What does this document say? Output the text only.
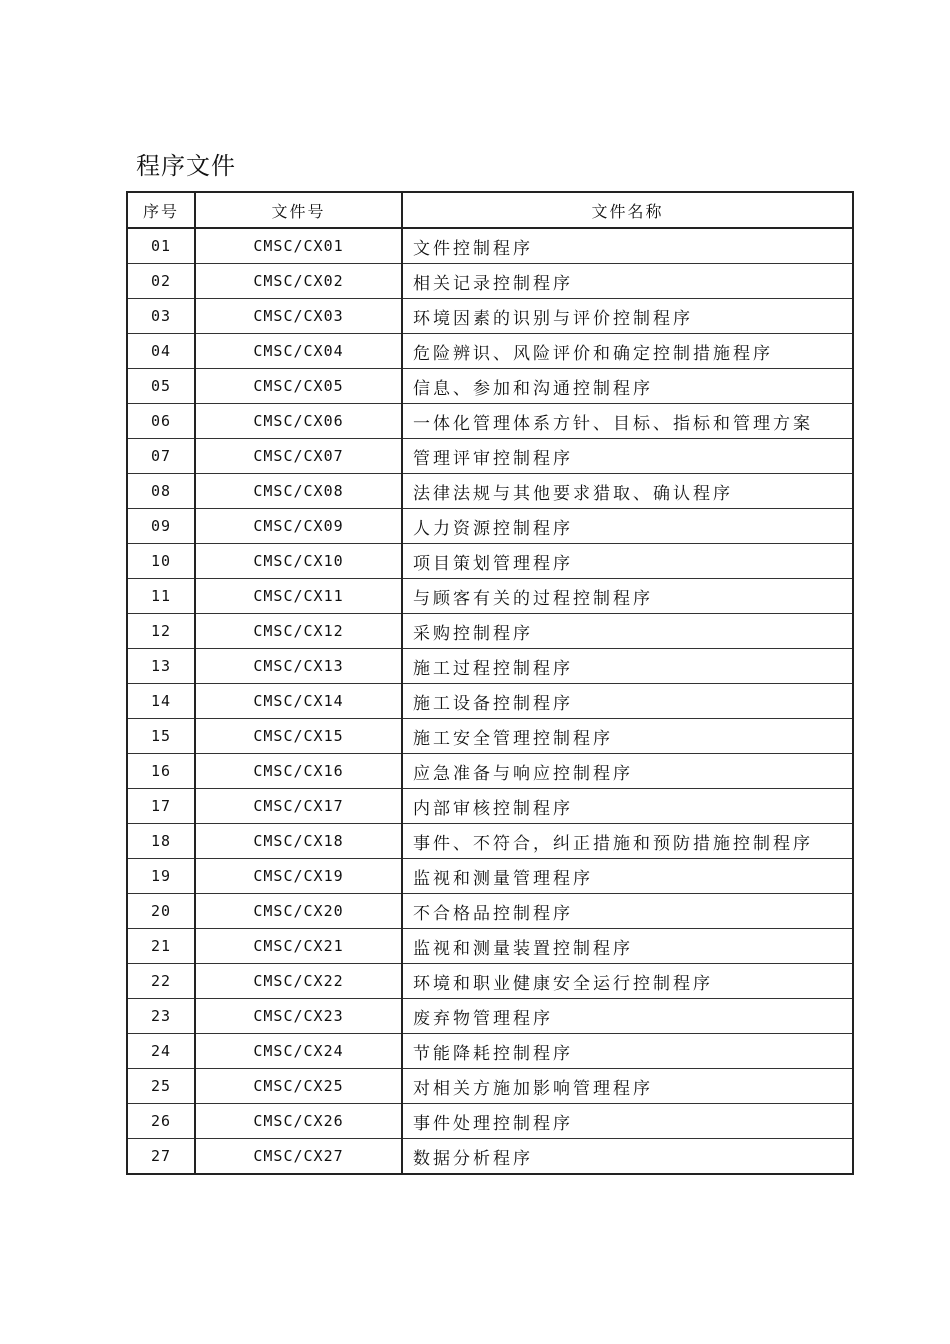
程序文件
序号	文件号	文件名称
01	CMSC/CX01	文件控制程序
02	CMSC/CX02	相关记录控制程序
03	CMSC/CX03	环境因素的识别与评价控制程序
04	CMSC/CX04	危险辨识、风险评价和确定控制措施程序
05	CMSC/CX05	信息、参加和沟通控制程序
06	CMSC/CX06	一体化管理体系方针、目标、指标和管理方案
07	CMSC/CX07	管理评审控制程序
08	CMSC/CX08	法律法规与其他要求猎取、确认程序
09	CMSC/CX09	人力资源控制程序
10	CMSC/CX10	项目策划管理程序
11	CMSC/CX11	与顾客有关的过程控制程序
12	CMSC/CX12	采购控制程序
13	CMSC/CX13	施工过程控制程序
14	CMSC/CX14	施工设备控制程序
15	CMSC/CX15	施工安全管理控制程序
16	CMSC/CX16	应急准备与响应控制程序
17	CMSC/CX17	内部审核控制程序
18	CMSC/CX18	事件、不符合，纠正措施和预防措施控制程序
19	CMSC/CX19	监视和测量管理程序
20	CMSC/CX20	不合格品控制程序
21	CMSC/CX21	监视和测量装置控制程序
22	CMSC/CX22	环境和职业健康安全运行控制程序
23	CMSC/CX23	废弃物管理程序
24	CMSC/CX24	节能降耗控制程序
25	CMSC/CX25	对相关方施加影响管理程序
26	CMSC/CX26	事件处理控制程序
27	CMSC/CX27	数据分析程序
